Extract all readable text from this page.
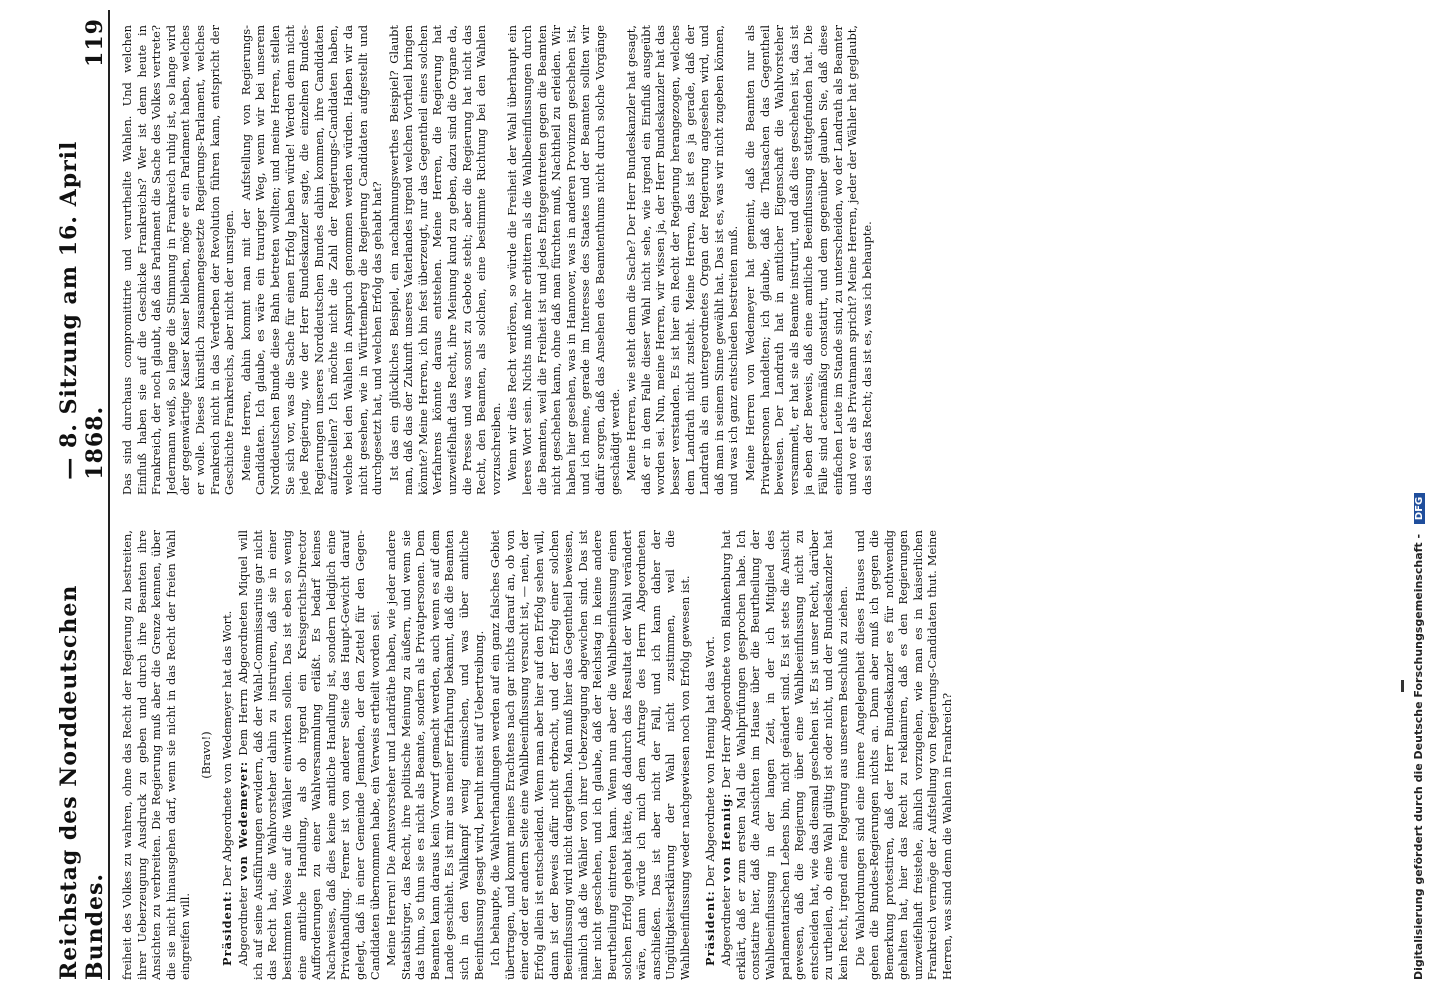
Reichstag des Norddeutschen Bundes.
— 8. Sitzung am 16. April 1868.
119

freiheit des Volkes zu wahren, ohne das Recht der Regierung zu bestreiten, ihrer Ueberzeugung Ausdruck zu geben und durch ihre Beamten ihre Ansichten zu verbreiten. Die Regierung muß aber die Grenze kennen, über die sie nicht hinausgehen darf, wenn sie nicht in das Recht der freien Wahl eingreifen will.

(Bravo!)

Präsident: Der Abgeordnete von Wedemeyer hat das Wort.

Abgeordneter von Wedemeyer: Dem Herrn Abgeordneten Miquel will ich auf seine Ausführungen erwidern, daß der Wahl-Commissarius gar nicht das Recht hat, die Wahlvorsteher dahin zu instruiren, daß sie in einer bestimmten Weise auf die Wähler einwirken sollen. Das ist eben so wenig eine amtliche Handlung, als ob irgend ein Kreisgerichts-Director Aufforderungen zu einer Wahlversammlung erläßt. Es bedarf keines Nachweises, daß dies keine amtliche Handlung ist, sondern lediglich eine Privathandlung. Ferner ist von anderer Seite das Haupt-Gewicht darauf gelegt, daß in einer Gemeinde Jemanden, der den Zettel für den Gegen-Candidaten übernommen habe, ein Verweis ertheilt worden sei. Meine Herren! Die Amtsvorsteher und Landräthe haben, wie jeder andere Staatsbürger, das Recht, ihre politische Meinung zu äußern, und wenn sie das thun, so thun sie es nicht als Beamte, sondern als Privatpersonen. Dem Beamten kann daraus kein Vorwurf gemacht werden, auch wenn es auf dem Lande geschieht. Es ist mir aus meiner Erfahrung bekannt, daß die Beamten sich in den Wahlkampf wenig einmischen, und was über amtliche Beeinflussung gesagt wird, beruht meist auf Uebertreibung. Ich behaupte, die Wahlverhandlungen werden auf ein ganz falsches Gebiet übertragen, und kommt meines Erachtens nach gar nichts darauf an, ob von einer oder der andern Seite eine Wahlbeeinflussung versucht ist, — nein, der Erfolg allein ist entscheidend. Wenn man aber hier auf den Erfolg sehen will, dann ist der Beweis dafür nicht erbracht, und der Erfolg einer solchen Beeinflussung wird nicht dargethan. Man muß hier das Gegentheil beweisen, nämlich daß die Wähler von ihrer Ueberzeugung abgewichen sind. Das ist hier nicht geschehen, und ich glaube, daß der Reichstag in keine andere Beurtheilung eintreten kann. Wenn nun aber die Wahlbeeinflussung einen solchen Erfolg gehabt hätte, daß dadurch das Resultat der Wahl verändert wäre, dann würde ich mich dem Antrage des Herrn Abgeordneten anschließen. Das ist aber nicht der Fall, und ich kann daher der Ungültigkeitserklärung der Wahl nicht zustimmen, weil die Wahlbeeinflussung weder nachgewiesen noch von Erfolg gewesen ist. Präsident: Der Abgeordnete von Hennig hat das Wort.

Abgeordneter von Hennig: Der Herr Abgeordnete von Blankenburg hat erklärt, daß er zum ersten Mal die Wahlprüfungen gesprochen habe. Ich constatire hier, daß die Ansichten im Hause über die Beurtheilung der Wahlbeeinflussung in der langen Zeit, in der ich Mitglied des parlamentarischen Lebens bin, nicht geändert sind. Es ist stets die Ansicht gewesen, daß die Regierung über eine Wahlbeeinflussung nicht zu entscheiden hat, wie das diesmal geschehen ist. Es ist unser Recht, darüber zu urtheilen, ob eine Wahl gültig ist oder nicht, und der Bundeskanzler hat kein Recht, irgend eine Folgerung aus unserem Beschluß zu ziehen. Die Wahlordnungen sind eine innere Angelegenheit dieses Hauses und gehen die Bundes-Regierungen nichts an. Dann aber muß ich gegen die Bemerkung protestiren, daß der Herr Bundeskanzler es für nothwendig gehalten hat, hier das Recht zu reklamiren, daß es den Regierungen unzweifelhaft freistehe, ähnlich vorzugehen, wie man es in kaiserlichen Frankreich vermöge der Aufstellung von Regierungs-Candidaten thut. Meine Herren, was sind denn die Wahlen in Frankreich?

Das sind durchaus compromittirte und verurtheilte Wahlen. Und welchen Einfluß haben sie auf die Geschicke Frankreichs? Wer ist denn heute in Frankreich, der noch glaubt, daß das Parlament die Sache des Volkes vertrete? Jedermann weiß, so lange die Stimmung in Frankreich ruhig ist, so lange wird der gegenwärtige Kaiser Kaiser bleiben, möge er ein Parlament haben, welches er wolle. Dieses künstlich zusammengesetzte Regierungs-Parlament, welches Frankreich nicht in das Verderben der Revolution führen kann, entspricht der Geschichte Frankreichs, aber nicht der unsrigen. Meine Herren, dahin kommt man mit der Aufstellung von Regierungs-Candidaten. Ich glaube, es wäre ein trauriger Weg, wenn wir bei unserem Norddeutschen Bunde diese Bahn betreten wollten; und meine Herren, stellen Sie sich vor, was die Sache für einen Erfolg haben würde! Werden denn nicht jede Regierung, wie der Herr Bundeskanzler sagte, die einzelnen Bundes-Regierungen unseres Norddeutschen Bundes dahin kommen, ihre Candidaten aufzustellen? Ich möchte nicht die Zahl der Regierungs-Candidaten haben, welche bei den Wahlen in Anspruch genommen werden würden. Haben wir da nicht gesehen, wie in Württemberg die Regierung Candidaten aufgestellt und durchgesetzt hat, und welchen Erfolg das gehabt hat? Ist das ein glückliches Beispiel, ein nachahmungswerthes Beispiel? Glaubt man, daß das der Zukunft unseres Vaterlandes irgend welchen Vortheil bringen könnte? Meine Herren, ich bin fest überzeugt, nur das Gegentheil eines solchen Verfahrens könnte daraus entstehen. Meine Herren, die Regierung hat unzweifelhaft das Recht, ihre Meinung kund zu geben, dazu sind die Organe da, die Presse und was sonst zu Gebote steht; aber die Regierung hat nicht das Recht, den Beamten, als solchen, eine bestimmte Richtung bei den Wahlen vorzuschreiben. Wenn wir dies Recht verlören, so würde die Freiheit der Wahl überhaupt ein leeres Wort sein. Nichts muß mehr erbittern als die Wahlbeeinflussungen durch die Beamten, weil die Freiheit ist und jedes Entgegentreten gegen die Beamten nicht geschehen kann, ohne daß man fürchten muß, Nachtheil zu erleiden. Wir haben hier gesehen, was in Hannover, was in anderen Provinzen geschehen ist, und ich meine, gerade im Interesse des Staates und der Beamten sollten wir dafür sorgen, daß das Ansehen des Beamtenthums nicht durch solche Vorgänge geschädigt werde. Meine Herren, wie steht denn die Sache? Der Herr Bundeskanzler hat gesagt, daß er in dem Falle dieser Wahl nicht sehe, wie irgend ein Einfluß ausgeübt worden sei. Nun, meine Herren, wir wissen ja, der Herr Bundeskanzler hat das besser verstanden. Es ist hier ein Recht der Regierung herangezogen, welches dem Landrath nicht zusteht. Meine Herren, das ist es ja gerade, daß der Landrath als ein untergeordnetes Organ der Regierung angesehen wird, und daß man in seinem Sinne gewählt hat. Das ist es, was wir nicht zugeben können, und was ich ganz entschieden bestreiten muß. Meine Herren von Wedemeyer hat gemeint, daß die Beamten nur als Privatpersonen handelten; ich glaube, daß die Thatsachen das Gegentheil beweisen. Der Landrath hat in amtlicher Eigenschaft die Wahlvorsteher versammelt, er hat sie als Beamte instruirt, und daß dies geschehen ist, das ist ja eben der Beweis, daß eine amtliche Beeinflussung stattgefunden hat. Die Fälle sind actenmäßig constatirt, und dem gegenüber glauben Sie, daß diese einfachen Leute im Stande sind, zu unterscheiden, wo der Landrath als Beamter und wo er als Privatmann spricht? Meine Herren, jeder der Wähler hat geglaubt, das sei das Recht; das ist es, was ich behaupte.

Digitalisierung gefördert durch die Deutsche Forschungsgemeinschaft - DFG
